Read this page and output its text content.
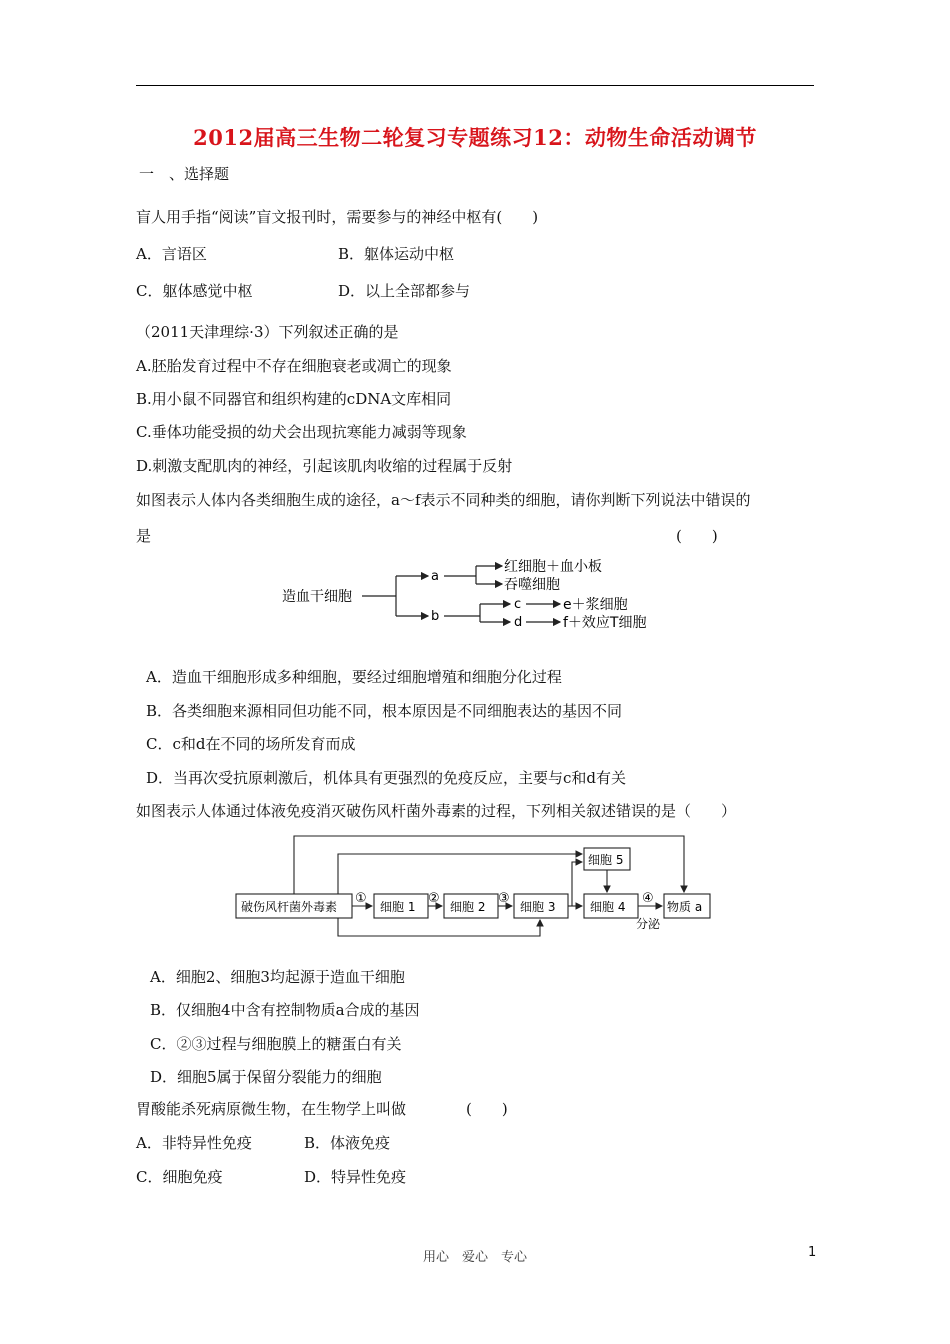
2012届高三生物二轮复习专题练习12：动物生命活动调节
一　、选择题
盲人用手指“阅读”盲文报刊时，需要参与的神经中枢有(　　)
A．言语区	B．躯体运动中枢
C．躯体感觉中枢	D．以上全部都参与
（2011天津理综·3）下列叙述正确的是
A.胚胎发育过程中不存在细胞衰老或凋亡的现象
B.用小鼠不同器官和组织构建的cDNA文库相同
C.垂体功能受损的幼犬会出现抗寒能力减弱等现象
D.刺激支配肌肉的神经，引起该肌肉收缩的过程属于反射
如图表示人体内各类细胞生成的途径，a～f表示不同种类的细胞，请你判断下列说法中错误的
是	(　　)
造血干细胞
a
b
红细胞＋血小板
吞噬细胞
c
d
e＋浆细胞
f＋效应T细胞
A．造血干细胞形成多种细胞，要经过细胞增殖和细胞分化过程
B．各类细胞来源相同但功能不同，根本原因是不同细胞表达的基因不同
C．c和d在不同的场所发育而成
D．当再次受抗原刺激后，机体具有更强烈的免疫反应，主要与c和d有关
如图表示人体通过体液免疫消灭破伤风杆菌外毒素的过程，下列相关叙述错误的是（　　）
破伤风杆菌外毒素	细胞 1	细胞 2	细胞 3	细胞 4
细胞 5
物质 a
①	②	③	④
分泌
A．细胞2、细胞3均起源于造血干细胞
B．仅细胞4中含有控制物质a合成的基因
C．②③过程与细胞膜上的糖蛋白有关
D．细胞5属于保留分裂能力的细胞
胃酸能杀死病原微生物，在生物学上叫做　　　　(　　)
A．非特异性免疫	B．体液免疫
C．细胞免疫	D．特异性免疫
用心　爱心　专心	1
